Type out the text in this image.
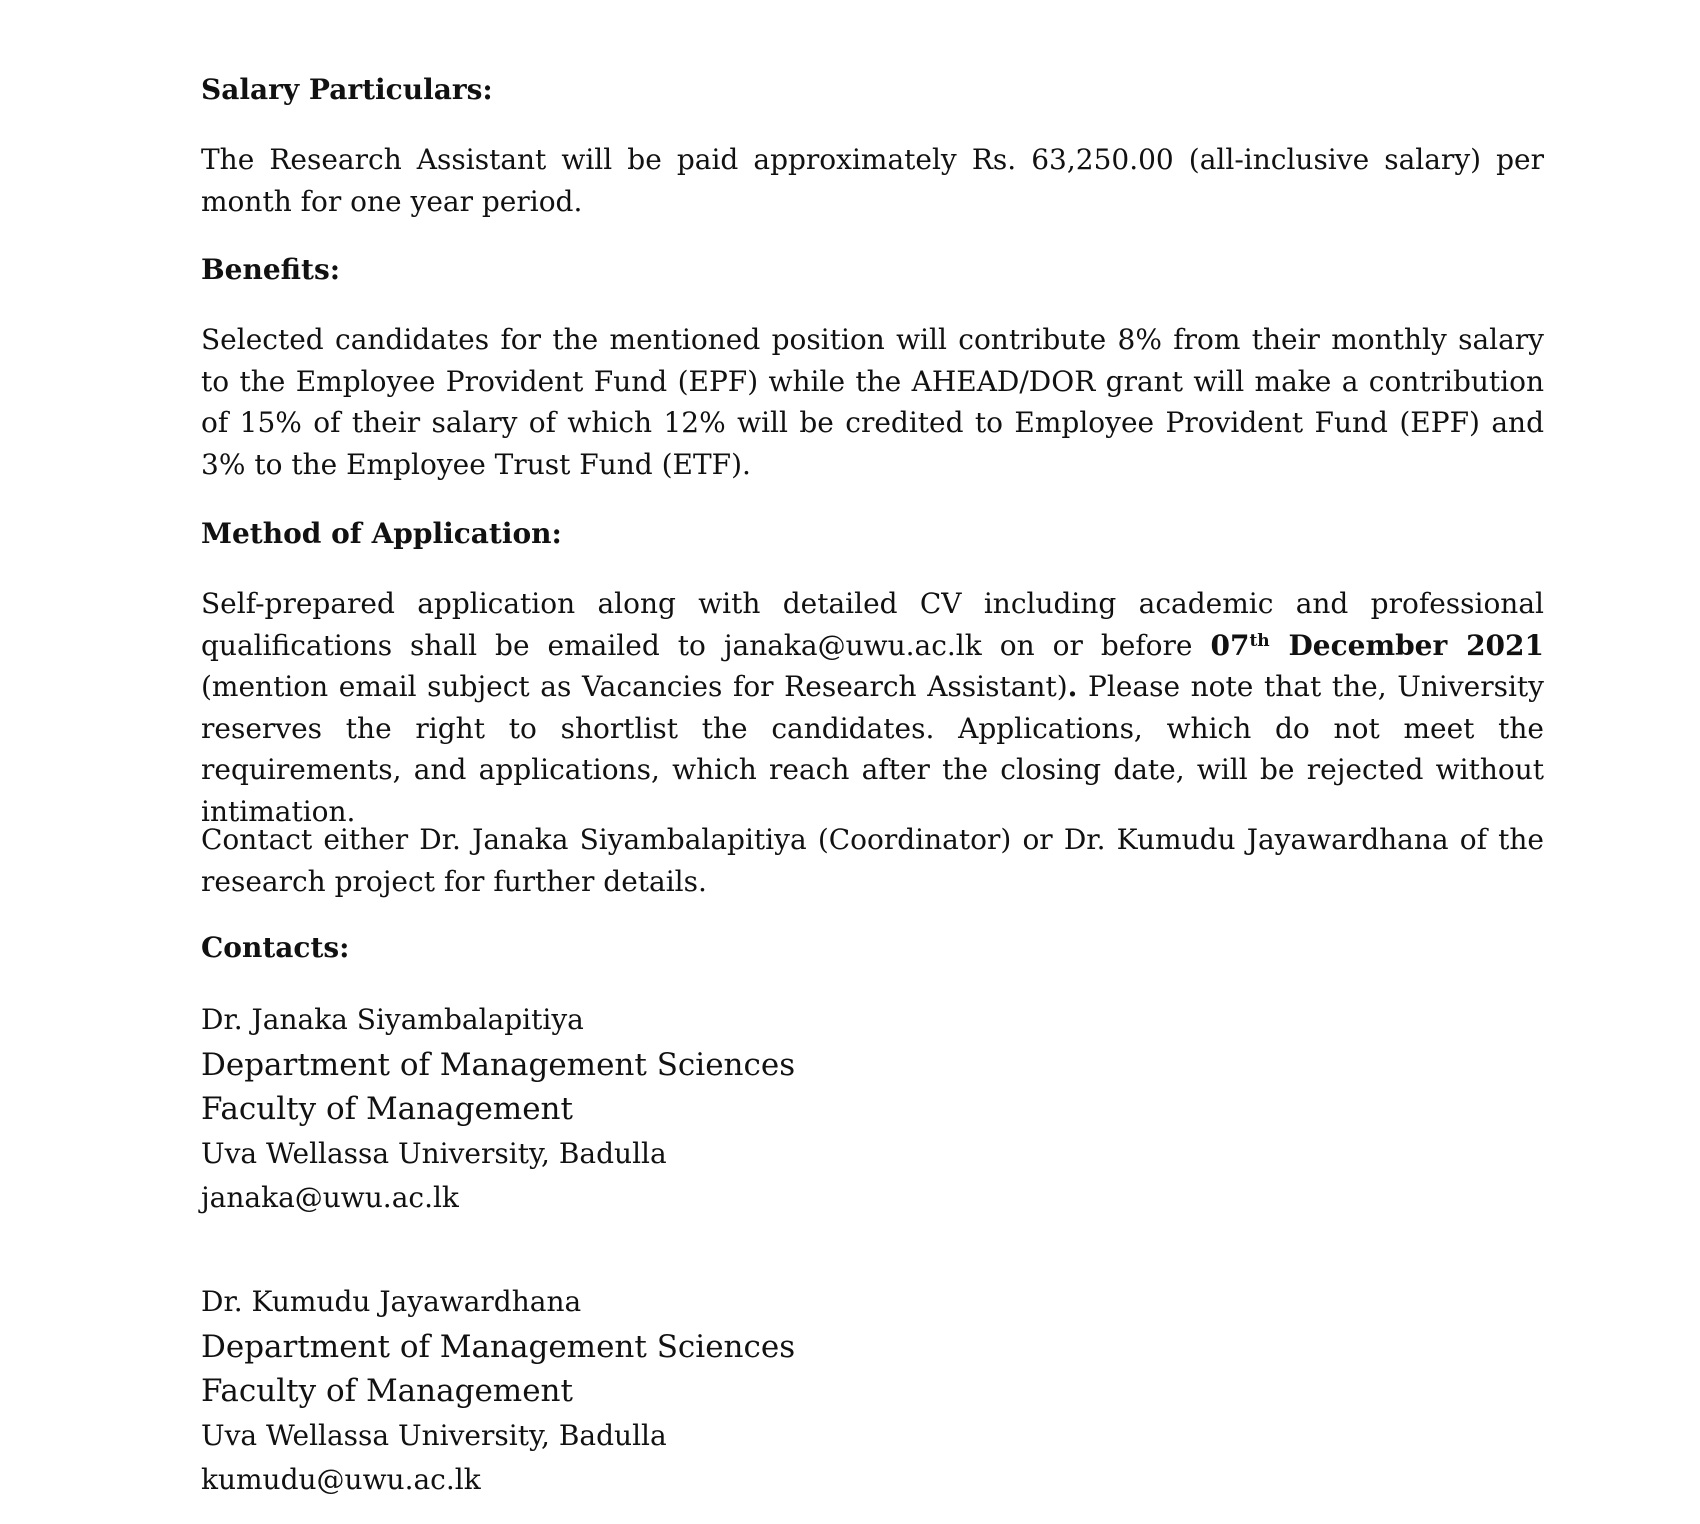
Salary Particulars:

The Research Assistant will be paid approximately Rs. 63,250.00 (all-inclusive salary) per month for one year period.

Benefits:

Selected candidates for the mentioned position will contribute 8% from their monthly salary to the Employee Provident Fund (EPF) while the AHEAD/DOR grant will make a contribution of 15% of their salary of which 12% will be credited to Employee Provident Fund (EPF) and 3% to the Employee Trust Fund (ETF).

Method of Application:

Self-prepared application along with detailed CV including academic and professional qualifications shall be emailed to janaka@uwu.ac.lk on or before 07th December 2021 (mention email subject as Vacancies for Research Assistant). Please note that the, University reserves the right to shortlist the candidates. Applications, which do not meet the requirements, and applications, which reach after the closing date, will be rejected without intimation.

Contact either Dr. Janaka Siyambalapitiya (Coordinator) or Dr. Kumudu Jayawardhana of the research project for further details.

Contacts:
Dr. Janaka Siyambalapitiya
Department of Management Sciences
Faculty of Management
Uva Wellassa University, Badulla
janaka@uwu.ac.lk
Dr. Kumudu Jayawardhana
Department of Management Sciences
Faculty of Management
Uva Wellassa University, Badulla
kumudu@uwu.ac.lk
